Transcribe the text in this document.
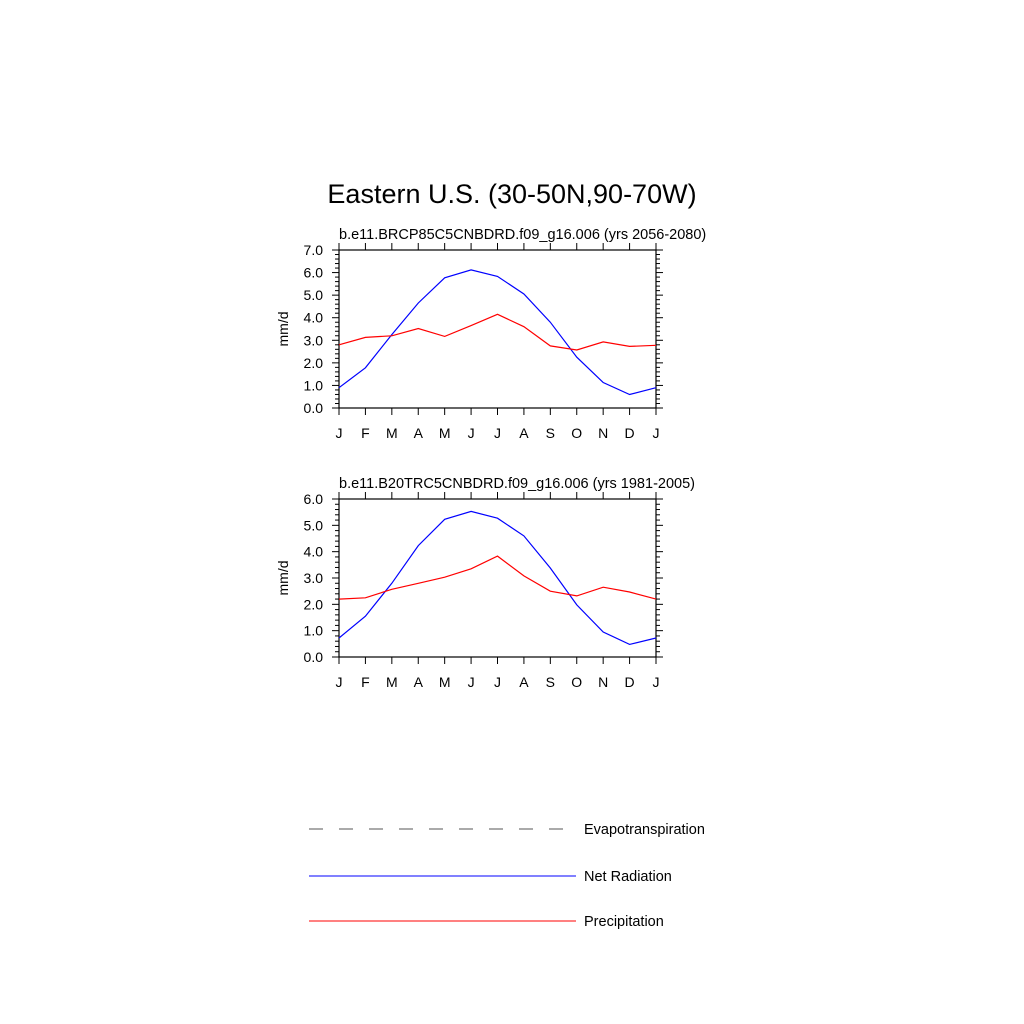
Eastern U.S. (30-50N,90-70W)
b.e11.BRCP85C5CNBDRD.f09_g16.006 (yrs 2056-2080)
0.0
1.0
2.0
3.0
4.0
5.0
6.0
7.0
J F M A M J J A S O N D J
mm/d
b.e11.B20TRC5CNBDRD.f09_g16.006 (yrs 1981-2005)
0.0
1.0
2.0
3.0
4.0
5.0
6.0
J F M A M J J A S O N D J
mm/d
Evapotranspiration
Net Radiation
Precipitation
